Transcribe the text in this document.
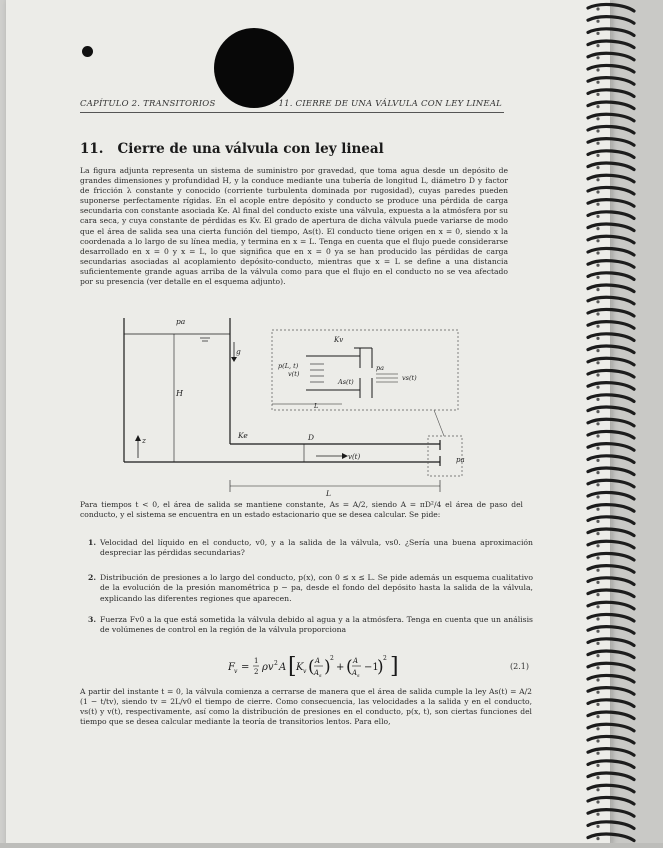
CAPÍTULO 2. TRANSITORIOS	11. CIERRE DE UNA VÁLVULA CON LEY LINEAL
11. Cierre de una válvula con ley lineal
La figura adjunta representa un sistema de suministro por gravedad, que toma agua desde un depósito de grandes dimensiones y profundidad H, y la conduce mediante una tubería de longitud L, diámetro D y factor de fricción λ constante y conocido (corriente turbulenta dominada por rugosidad), cuyas paredes pueden suponerse perfectamente rígidas. En el acople entre depósito y conducto se produce una pérdida de carga secundaria con constante asociada Ke. Al final del conducto existe una válvula, expuesta a la atmósfera por su cara seca, y cuya constante de pérdidas es Kv. El grado de apertura de dicha válvula puede variarse de modo que el área de salida sea una cierta función del tiempo, As(t). El conducto tiene origen en x = 0, siendo x la coordenada a lo largo de su línea media, y termina en x = L. Tenga en cuenta que el flujo puede considerarse desarrollado en x = 0 y x = L, lo que significa que en x = 0 ya se han producido las pérdidas de carga secundarias asociadas al acoplamiento depósito-conducto, mientras que x = L se define a una distancia suficientemente grande aguas arriba de la válvula como para que el flujo en el conducto no se vea afectado por su presencia (ver detalle en el esquema adjunto).
pa
g
H
z
Ke	D
v(t)
L
pa
Kv
p(L, t)
v(t)
As(t)
pa
vs(t)
L
Para tiempos t < 0, el área de salida se mantiene constante, As = A/2, siendo A = πD²/4 el área de paso del conducto, y el sistema se encuentra en un estado estacionario que se desea calcular. Se pide:
1. Velocidad del líquido en el conducto, v0, y a la salida de la válvula, vs0. ¿Sería una buena aproximación despreciar las pérdidas secundarias?
2. Distribución de presiones a lo largo del conducto, p(x), con 0 ≤ x ≤ L. Se pide además un esquema cualitativo de la evolución de la presión manométrica p − pa, desde el fondo del depósito hasta la salida de la válvula, explicando las diferentes regiones que aparecen.
3. Fuerza Fv0 a la que está sometida la válvula debido al agua y a la atmósfera. Tenga en cuenta que un análisis de volúmenes de control en la región de la válvula proporciona
F v =
1
2 ρv 2 A [ K v ( A
A s ) 2
+ ( A
A s
−1
) 2 ]	(2.1)
A partir del instante t = 0, la válvula comienza a cerrarse de manera que el área de salida cumple la ley As(t) = A/2 (1 − t/tv), siendo tv = 2L/v0 el tiempo de cierre. Como consecuencia, las velocidades a la salida y en el conducto, vs(t) y v(t), respectivamente, así como la distribución de presiones en el conducto, p(x, t), son ciertas funciones del tiempo que se desea calcular mediante la teoría de transitorios lentos. Para ello,
